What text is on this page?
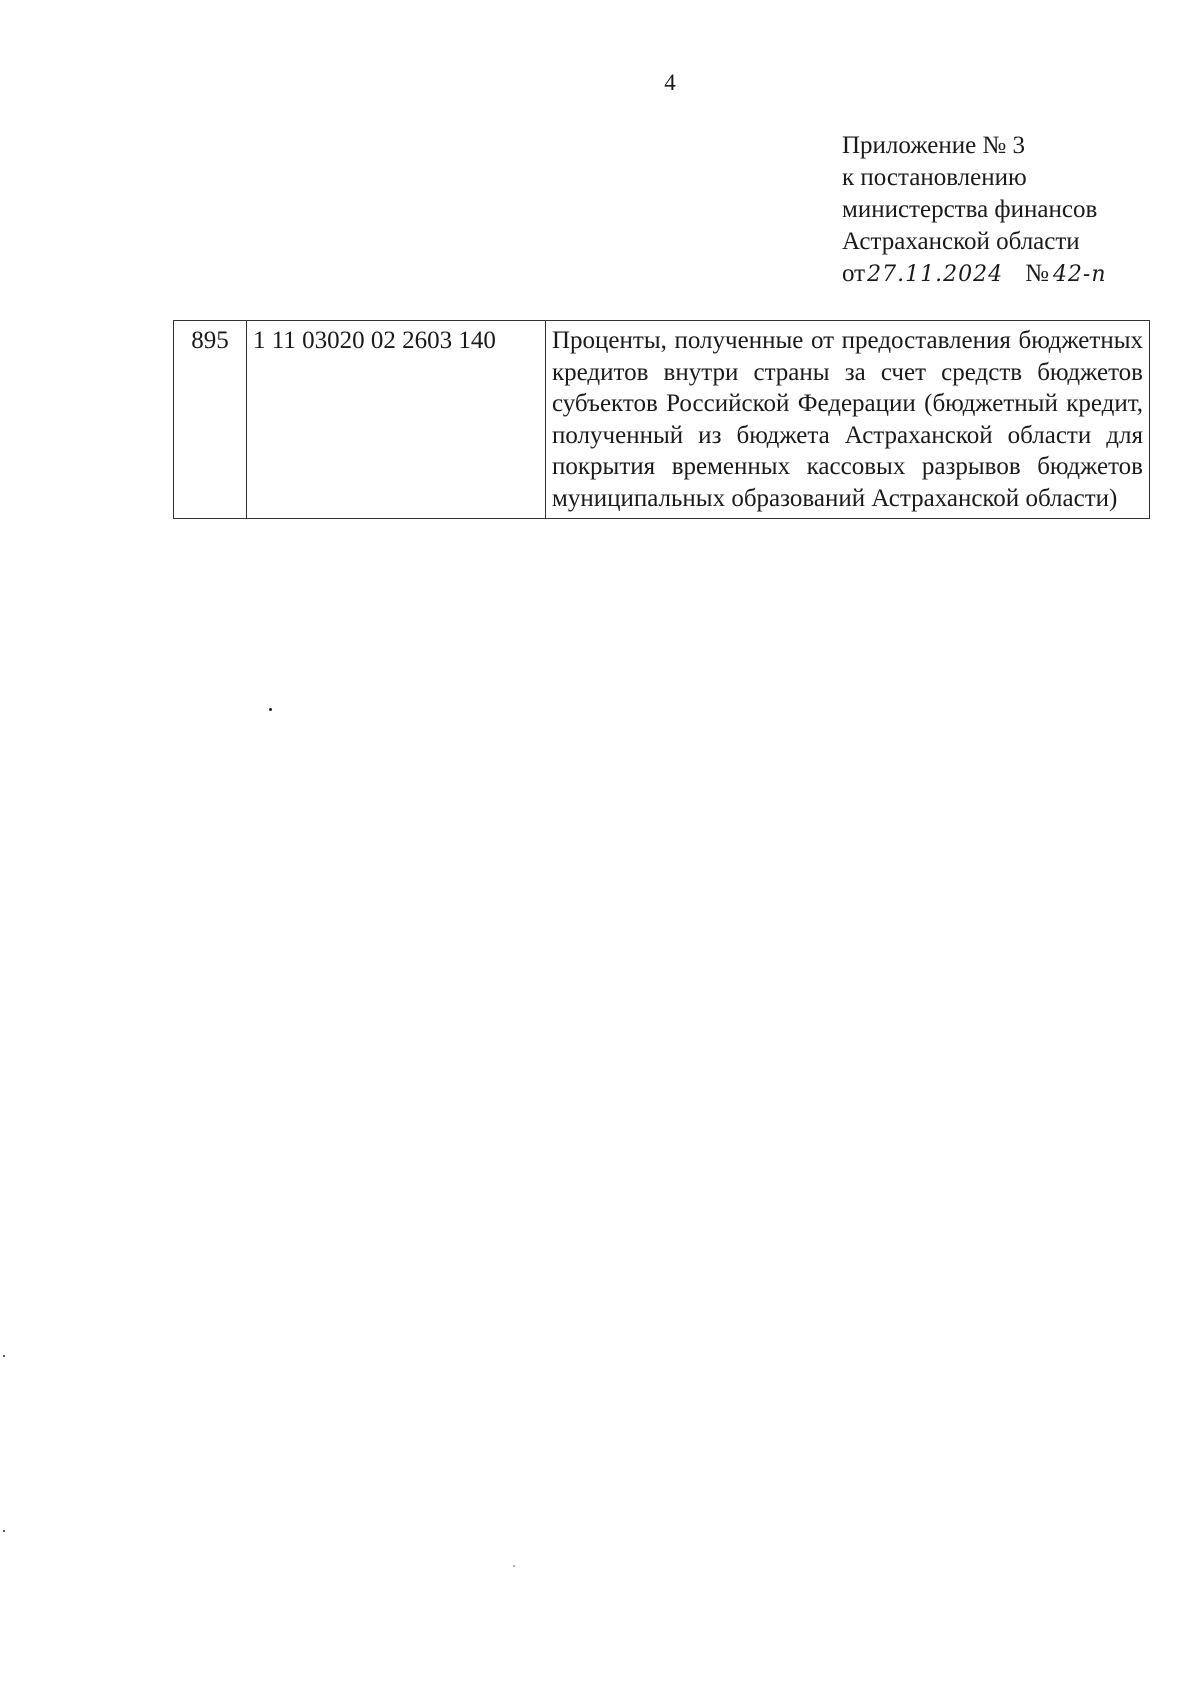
4
Приложение № 3
к постановлению
министерства финансов
Астраханской области
от27.11.2024 № 42-п
895	1 11 03020 02 2603 140	Проценты, полученные от предоставления бюджетных кредитов внутри страны за счет средств бюджетов субъектов Российской Федерации (бюджетный кредит, полученный из бюджета Астраханской области для покрытия временных кассовых разрывов бюджетов муниципальных образований Астраханской области)
